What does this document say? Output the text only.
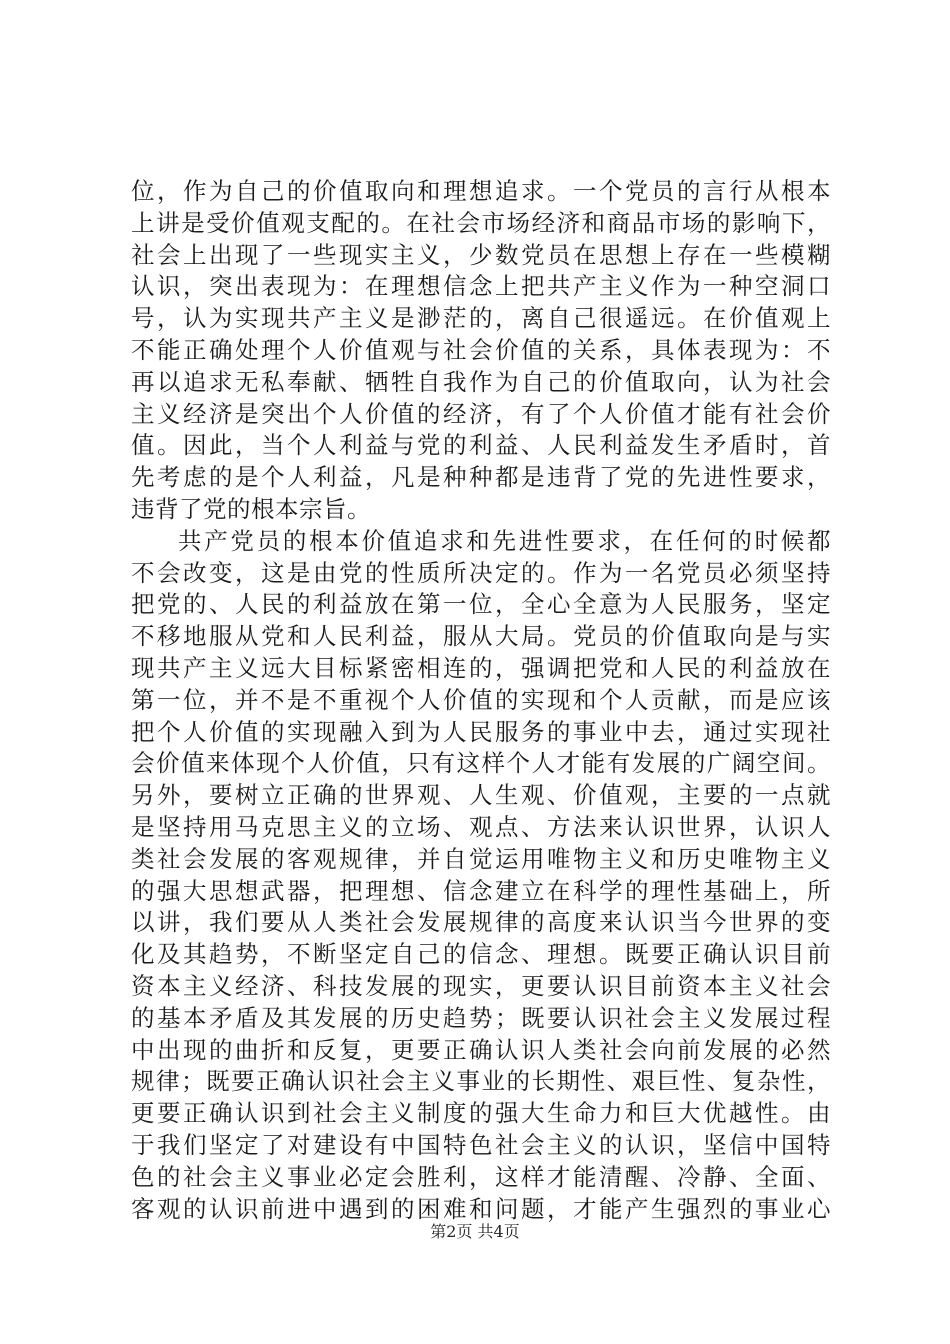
位，作为自己的价值取向和理想追求。一个党员的言行从根本
上讲是受价值观支配的。在社会市场经济和商品市场的影响下，
社会上出现了一些现实主义，少数党员在思想上存在一些模糊
认识，突出表现为：在理想信念上把共产主义作为一种空洞口
号，认为实现共产主义是渺茫的，离自己很遥远。在价值观上
不能正确处理个人价值观与社会价值的关系，具体表现为：不
再以追求无私奉献、牺牲自我作为自己的价值取向，认为社会
主义经济是突出个人价值的经济，有了个人价值才能有社会价
值。因此，当个人利益与党的利益、人民利益发生矛盾时，首
先考虑的是个人利益，凡是种种都是违背了党的先进性要求，
违背了党的根本宗旨。
共产党员的根本价值追求和先进性要求，在任何的时候都
不会改变，这是由党的性质所决定的。作为一名党员必须坚持
把党的、人民的利益放在第一位，全心全意为人民服务，坚定
不移地服从党和人民利益，服从大局。党员的价值取向是与实
现共产主义远大目标紧密相连的，强调把党和人民的利益放在
第一位，并不是不重视个人价值的实现和个人贡献，而是应该
把个人价值的实现融入到为人民服务的事业中去，通过实现社
会价值来体现个人价值，只有这样个人才能有发展的广阔空间。
另外，要树立正确的世界观、人生观、价值观，主要的一点就
是坚持用马克思主义的立场、观点、方法来认识世界，认识人
类社会发展的客观规律，并自觉运用唯物主义和历史唯物主义
的强大思想武器，把理想、信念建立在科学的理性基础上，所
以讲，我们要从人类社会发展规律的高度来认识当今世界的变
化及其趋势，不断坚定自己的信念、理想。既要正确认识目前
资本主义经济、科技发展的现实，更要认识目前资本主义社会
的基本矛盾及其发展的历史趋势；既要认识社会主义发展过程
中出现的曲折和反复，更要正确认识人类社会向前发展的必然
规律；既要正确认识社会主义事业的长期性、艰巨性、复杂性，
更要正确认识到社会主义制度的强大生命力和巨大优越性。由
于我们坚定了对建设有中国特色社会主义的认识，坚信中国特
色的社会主义事业必定会胜利，这样才能清醒、冷静、全面、
客观的认识前进中遇到的困难和问题，才能产生强烈的事业心
第2页 共4页
